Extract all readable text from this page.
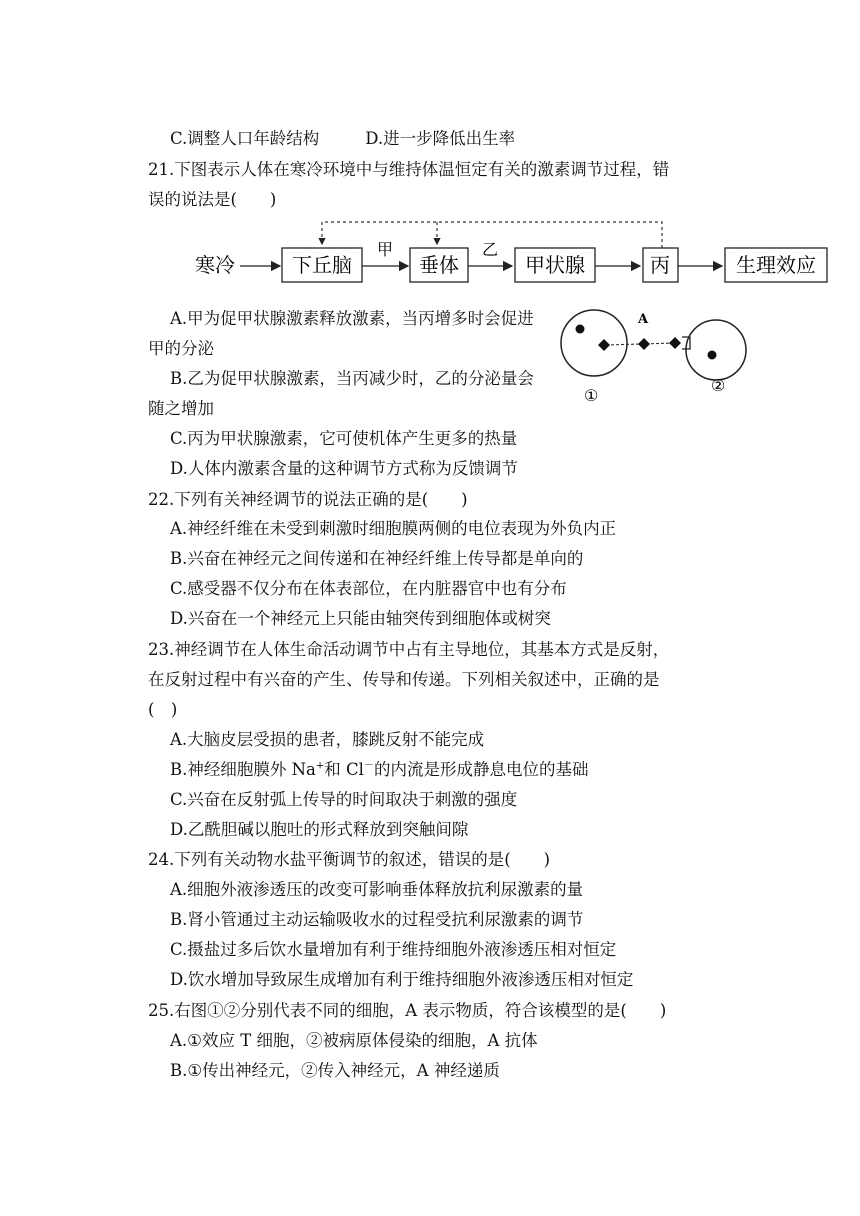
C.调整人口年龄结构	D.进一步降低出生率
21.下图表示人体在寒冷环境中与维持体温恒定有关的激素调节过程，错
误的说法是(　　)
寒冷	下丘脑
甲
垂体
乙
甲状腺	丙	生理效应
A.甲为促甲状腺激素释放激素，当丙增多时会促进
甲的分泌
B.乙为促甲状腺激素，当丙减少时，乙的分泌量会
随之增加
C.丙为甲状腺激素，它可使机体产生更多的热量
D.人体内激素含量的这种调节方式称为反馈调节
A
①
②
22.下列有关神经调节的说法正确的是(　　)
A.神经纤维在未受到刺激时细胞膜两侧的电位表现为外负内正
B.兴奋在神经元之间传递和在神经纤维上传导都是单向的
C.感受器不仅分布在体表部位，在内脏器官中也有分布
D.兴奋在一个神经元上只能由轴突传到细胞体或树突
23.神经调节在人体生命活动调节中占有主导地位，其基本方式是反射，
在反射过程中有兴奋的产生、传导和传递。下列相关叙述中，正确的是
(　)
A.大脑皮层受损的患者，膝跳反射不能完成
B.神经细胞膜外 Na+和 Cl－的内流是形成静息电位的基础
C.兴奋在反射弧上传导的时间取决于刺激的强度
D.乙酰胆碱以胞吐的形式释放到突触间隙
24.下列有关动物水盐平衡调节的叙述，错误的是(　　)
A.细胞外液渗透压的改变可影响垂体释放抗利尿激素的量
B.肾小管通过主动运输吸收水的过程受抗利尿激素的调节
C.摄盐过多后饮水量增加有利于维持细胞外液渗透压相对恒定
D.饮水增加导致尿生成增加有利于维持细胞外液渗透压相对恒定
25.右图①②分别代表不同的细胞，A 表示物质，符合该模型的是(　　)
A.①效应 T 细胞，②被病原体侵染的细胞，A 抗体
B.①传出神经元，②传入神经元，A 神经递质
